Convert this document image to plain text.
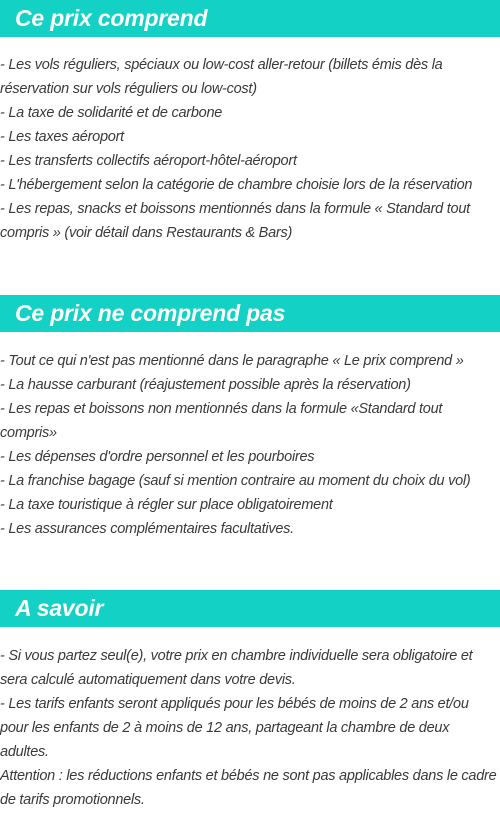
Ce prix comprend
- Les vols réguliers, spéciaux ou low-cost aller-retour (billets émis dès la réservation sur vols réguliers ou low-cost)
- La taxe de solidarité et de carbone
- Les taxes aéroport
- Les transferts collectifs aéroport-hôtel-aéroport
- L'hébergement selon la catégorie de chambre choisie lors de la réservation
- Les repas, snacks et boissons mentionnés dans la formule « Standard tout compris » (voir détail dans Restaurants & Bars)
Ce prix ne comprend pas
- Tout ce qui n'est pas mentionné dans le paragraphe « Le prix comprend »
- La hausse carburant (réajustement possible après la réservation)
- Les repas et boissons non mentionnés dans la formule «Standard tout compris»
- Les dépenses d'ordre personnel et les pourboires
- La franchise bagage (sauf si mention contraire au moment du choix du vol)
- La taxe touristique à régler sur place obligatoirement
- Les assurances complémentaires facultatives.
A savoir
- Si vous partez seul(e), votre prix en chambre individuelle sera obligatoire et sera calculé automatiquement dans votre devis.
- Les tarifs enfants seront appliqués pour les bébés de moins de 2 ans et/ou pour les enfants de 2 à moins de 12 ans, partageant la chambre de deux adultes.
Attention : les réductions enfants et bébés ne sont pas applicables dans le cadre de tarifs promotionnels.
